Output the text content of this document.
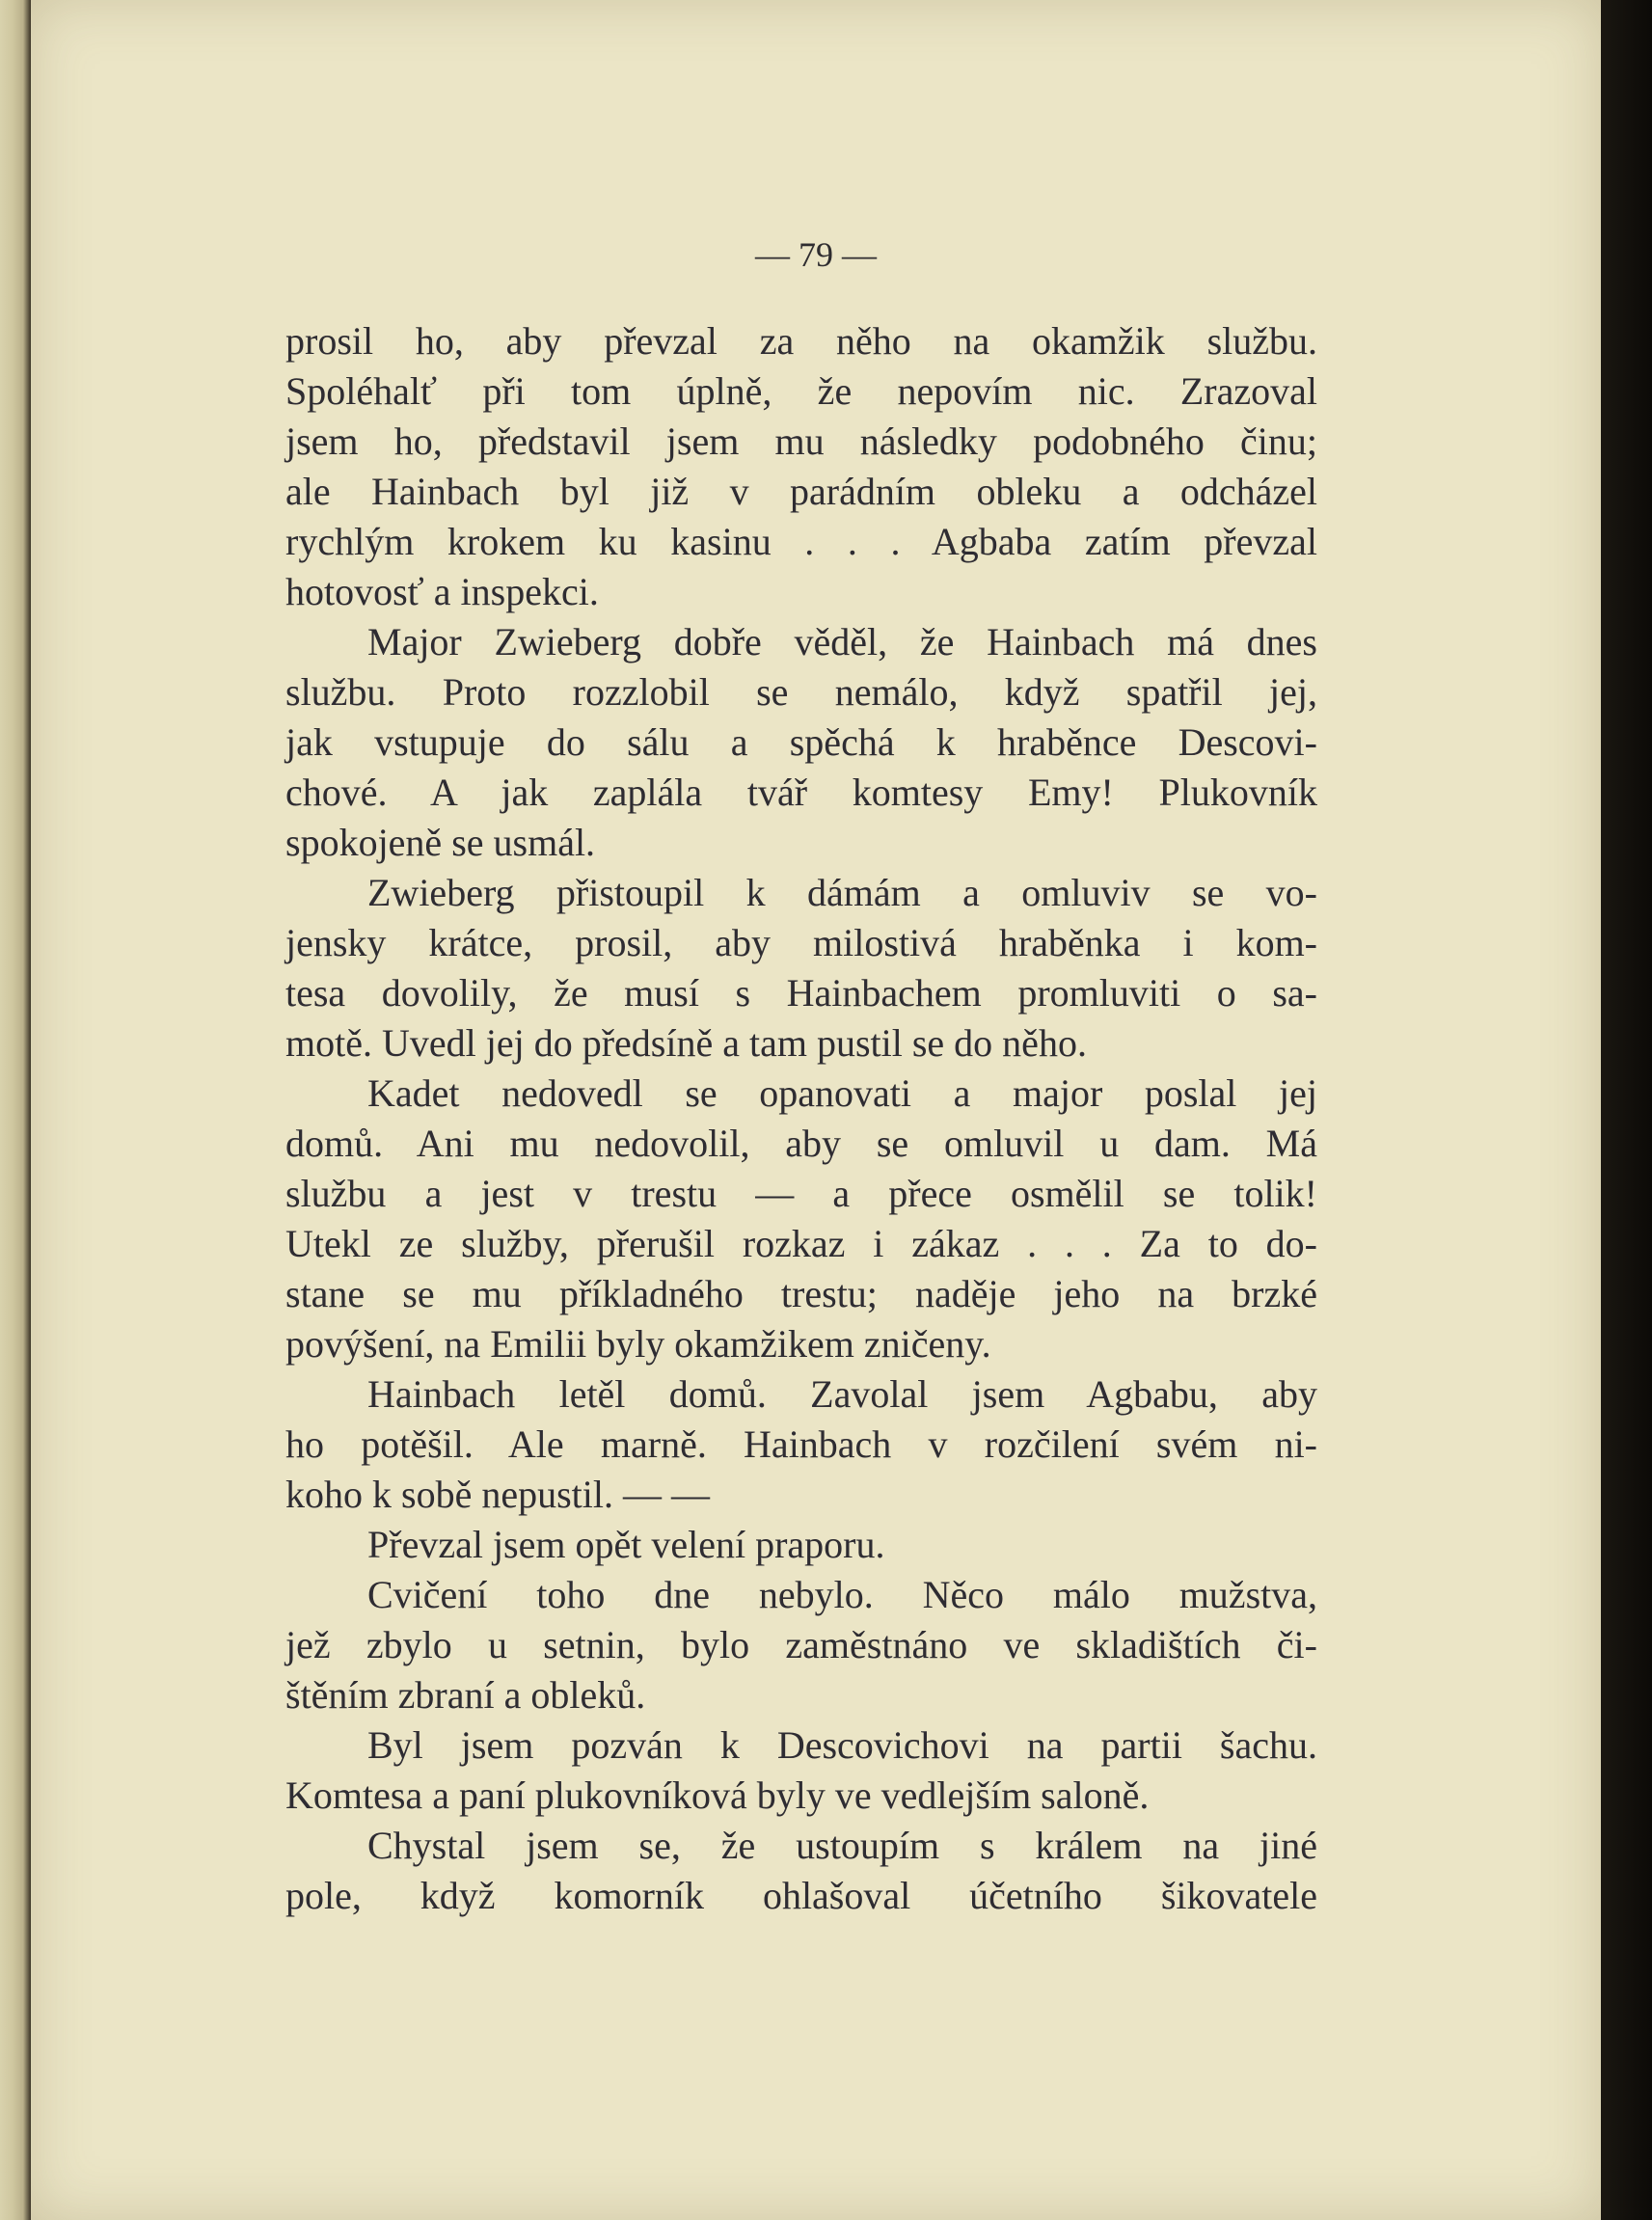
— 79 —

prosil ho, aby převzal za něho na okamžik službu.
Spoléhalť při tom úplně, že nepovím nic. Zrazoval
jsem ho, představil jsem mu následky podobného činu;
ale Hainbach byl již v parádním obleku a odcházel
rychlým krokem ku kasinu . . . Agbaba zatím převzal
hotovosť a inspekci.
Major Zwieberg dobře věděl, že Hainbach má dnes
službu. Proto rozzlobil se nemálo, když spatřil jej,
jak vstupuje do sálu a spěchá k hraběnce Descovi-
chové. A jak zaplála tvář komtesy Emy! Plukovník
spokojeně se usmál.
Zwieberg přistoupil k dámám a omluviv se vo-
jensky krátce, prosil, aby milostivá hraběnka i kom-
tesa dovolily, že musí s Hainbachem promluviti o sa-
motě. Uvedl jej do předsíně a tam pustil se do něho.
Kadet nedovedl se opanovati a major poslal jej
domů. Ani mu nedovolil, aby se omluvil u dam. Má
službu a jest v trestu — a přece osmělil se tolik!
Utekl ze služby, přerušil rozkaz i zákaz . . . Za to do-
stane se mu příkladného trestu; naděje jeho na brzké
povýšení, na Emilii byly okamžikem zničeny.
Hainbach letěl domů. Zavolal jsem Agbabu, aby
ho potěšil. Ale marně. Hainbach v rozčilení svém ni-
koho k sobě nepustil. — —
Převzal jsem opět velení praporu.
Cvičení toho dne nebylo. Něco málo mužstva,
jež zbylo u setnin, bylo zaměstnáno ve skladištích či-
štěním zbraní a obleků.
Byl jsem pozván k Descovichovi na partii šachu.
Komtesa a paní plukovníková byly ve vedlejším saloně.
Chystal jsem se, že ustoupím s králem na jiné
pole, když komorník ohlašoval účetního šikovatele
